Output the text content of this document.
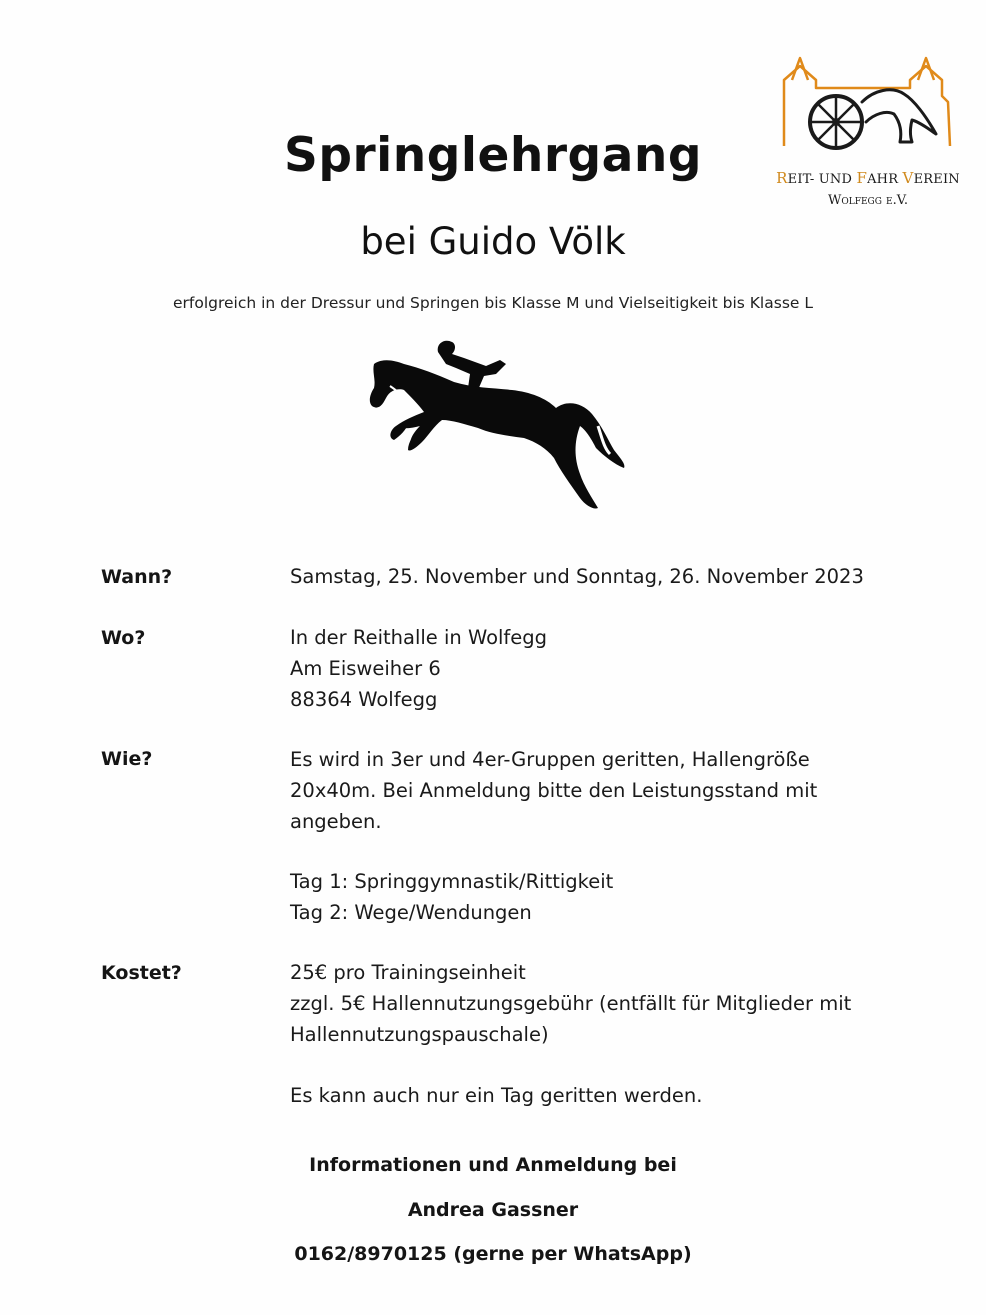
REIT- UND FAHR VEREIN
Wolfegg e.V.
Springlehrgang
bei Guido Völk
erfolgreich in der Dressur und Springen bis Klasse M und Vielseitigkeit bis Klasse L
Wann?	Samstag, 25. November und Sonntag, 26. November 2023
Wo?	In der Reithalle in Wolfegg
Am Eisweiher 6
88364 Wolfegg
Wie?	Es wird in 3er und 4er-Gruppen geritten, Hallengröße
20x40m. Bei Anmeldung bitte den Leistungsstand mit
angeben.
Tag 1: Springgymnastik/Rittigkeit
Tag 2: Wege/Wendungen
Kostet?	25€ pro Trainingseinheit
zzgl. 5€ Hallennutzungsgebühr (entfällt für Mitglieder mit
Hallennutzungspauschale)
Es kann auch nur ein Tag geritten werden.
Informationen und Anmeldung bei
Andrea Gassner
0162/8970125 (gerne per WhatsApp)
